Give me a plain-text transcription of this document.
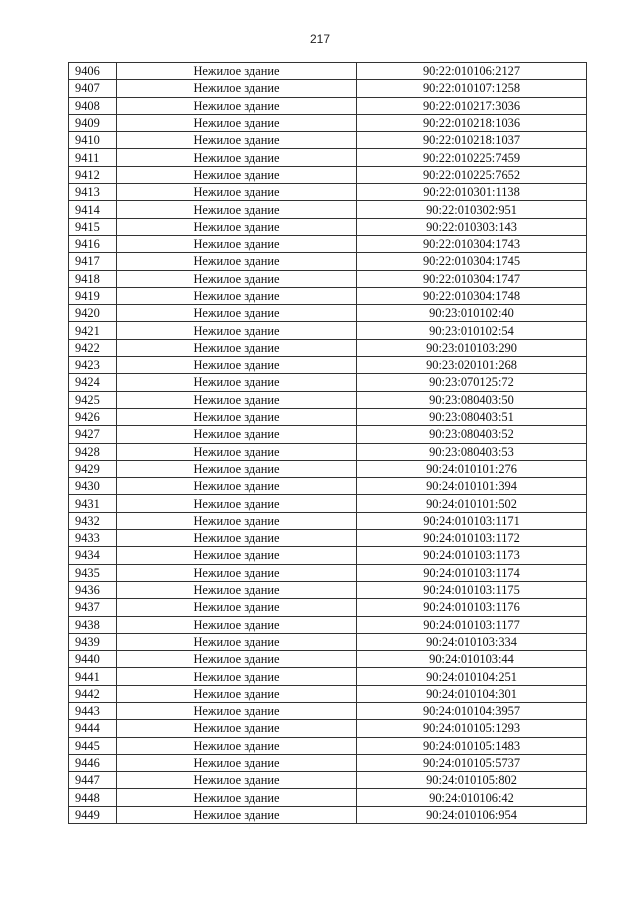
217
9406	Нежилое здание	90:22:010106:2127
9407	Нежилое здание	90:22:010107:1258
9408	Нежилое здание	90:22:010217:3036
9409	Нежилое здание	90:22:010218:1036
9410	Нежилое здание	90:22:010218:1037
9411	Нежилое здание	90:22:010225:7459
9412	Нежилое здание	90:22:010225:7652
9413	Нежилое здание	90:22:010301:1138
9414	Нежилое здание	90:22:010302:951
9415	Нежилое здание	90:22:010303:143
9416	Нежилое здание	90:22:010304:1743
9417	Нежилое здание	90:22:010304:1745
9418	Нежилое здание	90:22:010304:1747
9419	Нежилое здание	90:22:010304:1748
9420	Нежилое здание	90:23:010102:40
9421	Нежилое здание	90:23:010102:54
9422	Нежилое здание	90:23:010103:290
9423	Нежилое здание	90:23:020101:268
9424	Нежилое здание	90:23:070125:72
9425	Нежилое здание	90:23:080403:50
9426	Нежилое здание	90:23:080403:51
9427	Нежилое здание	90:23:080403:52
9428	Нежилое здание	90:23:080403:53
9429	Нежилое здание	90:24:010101:276
9430	Нежилое здание	90:24:010101:394
9431	Нежилое здание	90:24:010101:502
9432	Нежилое здание	90:24:010103:1171
9433	Нежилое здание	90:24:010103:1172
9434	Нежилое здание	90:24:010103:1173
9435	Нежилое здание	90:24:010103:1174
9436	Нежилое здание	90:24:010103:1175
9437	Нежилое здание	90:24:010103:1176
9438	Нежилое здание	90:24:010103:1177
9439	Нежилое здание	90:24:010103:334
9440	Нежилое здание	90:24:010103:44
9441	Нежилое здание	90:24:010104:251
9442	Нежилое здание	90:24:010104:301
9443	Нежилое здание	90:24:010104:3957
9444	Нежилое здание	90:24:010105:1293
9445	Нежилое здание	90:24:010105:1483
9446	Нежилое здание	90:24:010105:5737
9447	Нежилое здание	90:24:010105:802
9448	Нежилое здание	90:24:010106:42
9449	Нежилое здание	90:24:010106:954
